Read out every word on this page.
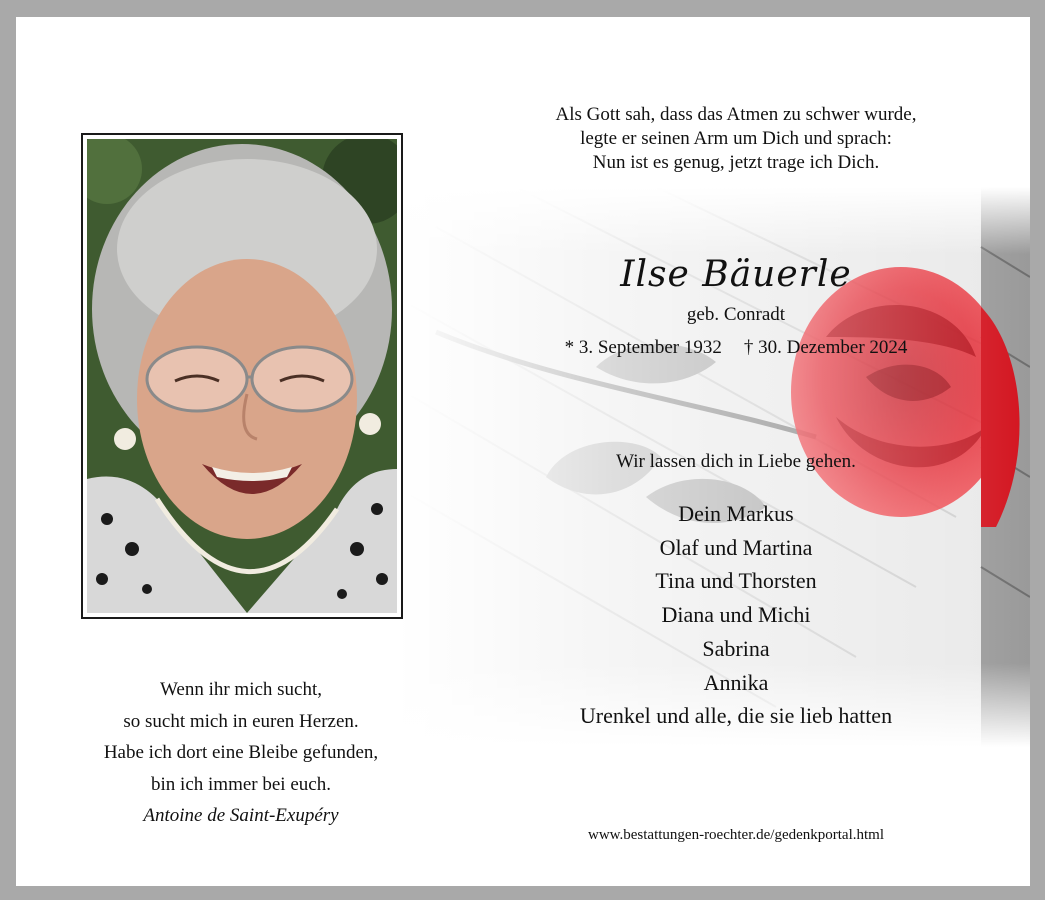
Als Gott sah, dass das Atmen zu schwer wurde,
legte er seinen Arm um Dich und sprach:
Nun ist es genug, jetzt trage ich Dich.
Ilse Bäuerle
geb. Conradt
* 3. September 1932 † 30. Dezember 2024
Wir lassen dich in Liebe gehen.
Dein Markus
Olaf und Martina
Tina und Thorsten
Diana und Michi
Sabrina
Annika
Urenkel und alle, die sie lieb hatten
Wenn ihr mich sucht,
so sucht mich in euren Herzen.
Habe ich dort eine Bleibe gefunden,
bin ich immer bei euch.
Antoine de Saint-Exupéry
www.bestattungen-roechter.de/gedenkportal.html
